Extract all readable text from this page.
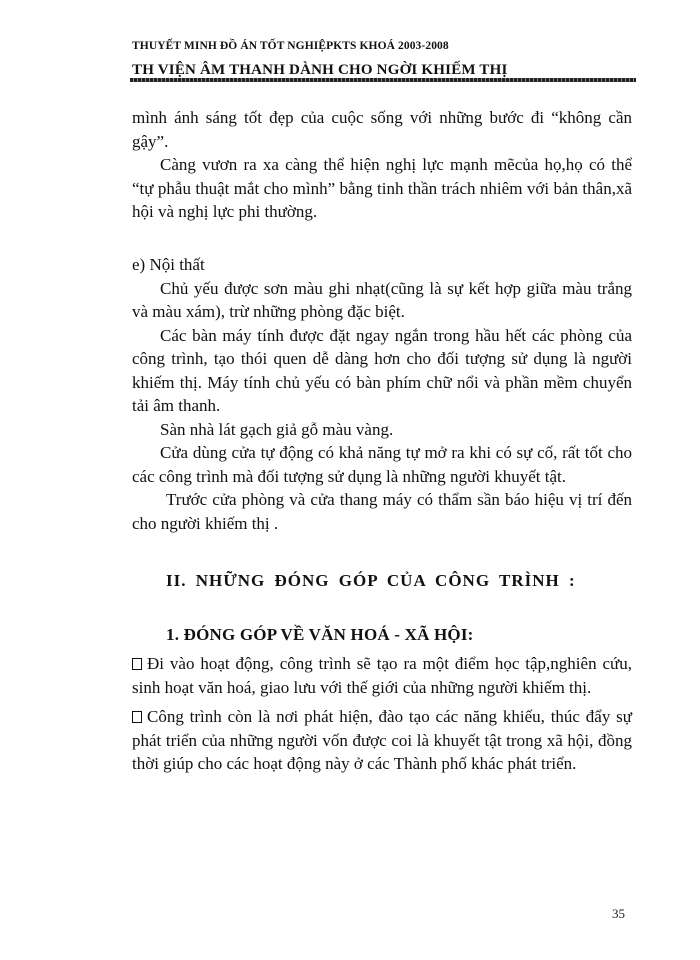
THUYẾT MINH ĐỒ ÁN TỐT NGHIỆPKTS KHOÁ 2003-2008
TH VIỆN ÂM THANH DÀNH CHO NGỜI KHIẾM THỊ

mình ánh sáng tốt đẹp của cuộc sống với những bước đi “không cần gậy”.

Càng vươn ra xa càng thể hiện nghị lực mạnh mẽcủa họ,họ có thể “tự phẫu thuật mắt cho mình” bằng tinh thần trách nhiêm với bản thân,xã hội và nghị lực phi thường.

e) Nội thất

Chủ yếu được sơn màu ghi nhạt(cũng là sự kết hợp giữa màu trắng và màu xám), trừ những phòng đặc biệt.

Các bàn máy tính được đặt ngay ngắn trong hầu hết các phòng của công trình, tạo thói quen dễ dàng hơn cho đối tượng sử dụng là người khiếm thị. Máy tính chủ yếu có bàn phím chữ nổi và phần mềm chuyển tải âm thanh.

Sàn nhà lát gạch giả gỗ màu vàng.

Cửa dùng cửa tự động có khả năng tự mở ra khi có sự cố, rất tốt cho các công trình mà đối tượng sử dụng là những người khuyết tật.

Trước cửa phòng và cửa thang máy có thẩm sần báo hiệu vị trí đến cho người khiếm thị .

II. NHỮNG ĐÓNG GÓP CỦA CÔNG TRÌNH :
1. ĐÓNG GÓP VỀ VĂN HOÁ - XÃ HỘI:

Đi vào hoạt động, công trình sẽ tạo ra một điểm học tập,nghiên cứu, sinh hoạt văn hoá, giao lưu với thế giới của những người khiếm thị.

Công trình còn là nơi phát hiện, đào tạo các năng khiếu, thúc đẩy sự phát triển của những người vốn được coi là khuyết tật trong xã hội, đồng thời giúp cho các hoạt động này ở các Thành phố khác phát triển.

35
